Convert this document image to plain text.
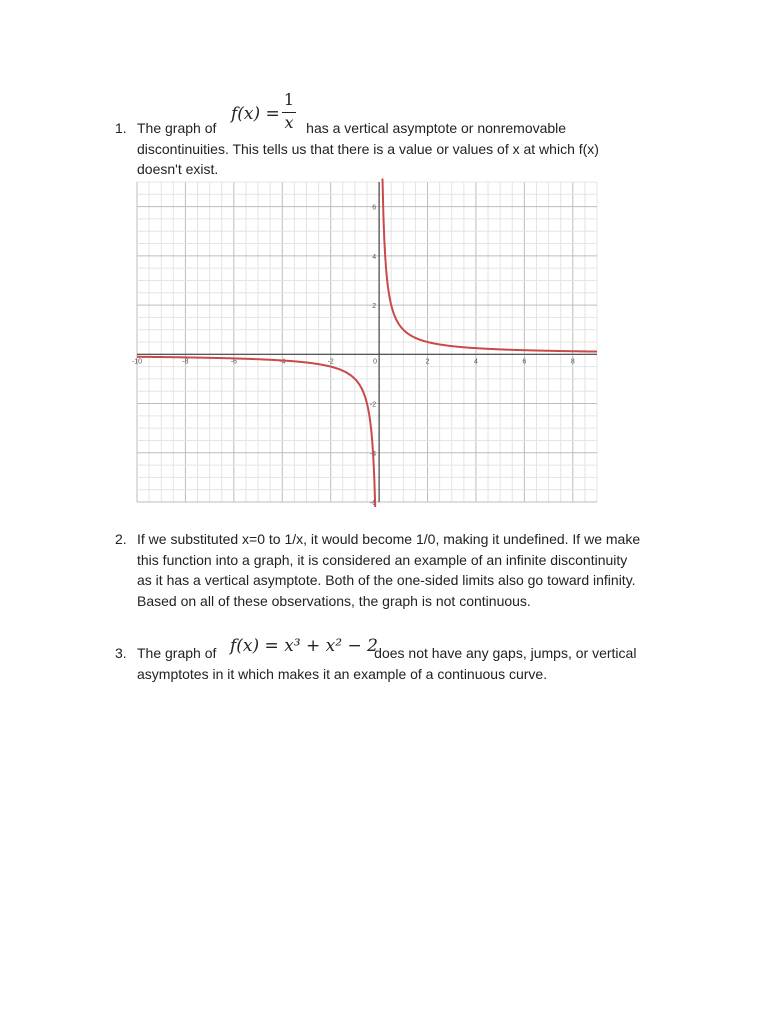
1. The graph of	has a vertical asymptote or nonremovable
discontinuities. This tells us that there is a value or values of x at which f(x)
doesn't exist.
f(x) =
1
x
-10	-8	-6	-4	-2	0	2	4	6	8
6
4
2
-2
-4
-6
2. If we substituted x=0 to 1/x, it would become 1/0, making it undefined. If we make
this function into a graph, it is considered an example of an infinite discontinuity
as it has a vertical asymptote. Both of the one-sided limits also go toward infinity.
Based on all of these observations, the graph is not continuous.
3. The graph of	does not have any gaps, jumps, or vertical
asymptotes in it which makes it an example of a continuous curve.
f(x) = x³ + x² − 2
